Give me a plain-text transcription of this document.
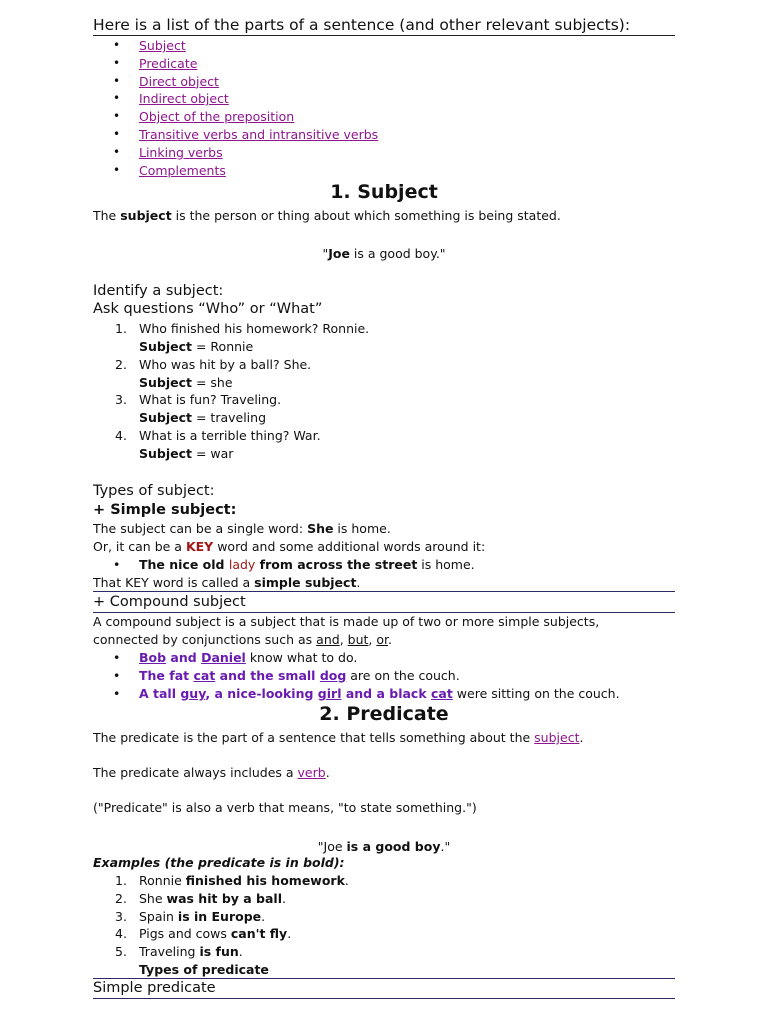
Here is a list of the parts of a sentence (and other relevant subjects):
• Subject
• Predicate
• Direct object
• Indirect object
• Object of the preposition
• Transitive verbs and intransitive verbs
• Linking verbs
• Complements
1. Subject
The subject is the person or thing about which something is being stated.
"Joe is a good boy."
Identify a subject:
Ask questions “Who” or “What”
1. Who finished his homework? Ronnie.
Subject = Ronnie
2. Who was hit by a ball? She.
Subject = she
3. What is fun? Traveling.
Subject = traveling
4. What is a terrible thing? War.
Subject = war
Types of subject:
+ Simple subject:
The subject can be a single word: She is home.
Or, it can be a KEY word and some additional words around it:
• The nice old lady from across the street is home.
That KEY word is called a simple subject.
+ Compound subject
A compound subject is a subject that is made up of two or more simple subjects,
connected by conjunctions such as and, but, or.
• Bob and Daniel know what to do.
• The fat cat and the small dog are on the couch.
• A tall guy, a nice-looking girl and a black cat were sitting on the couch.
2. Predicate
The predicate is the part of a sentence that tells something about the subject.
The predicate always includes a verb.
("Predicate" is also a verb that means, "to state something.")
"Joe is a good boy."
Examples (the predicate is in bold):
1. Ronnie finished his homework.
2. She was hit by a ball.
3. Spain is in Europe.
4. Pigs and cows can't fly.
5. Traveling is fun.
Types of predicate
Simple predicate
